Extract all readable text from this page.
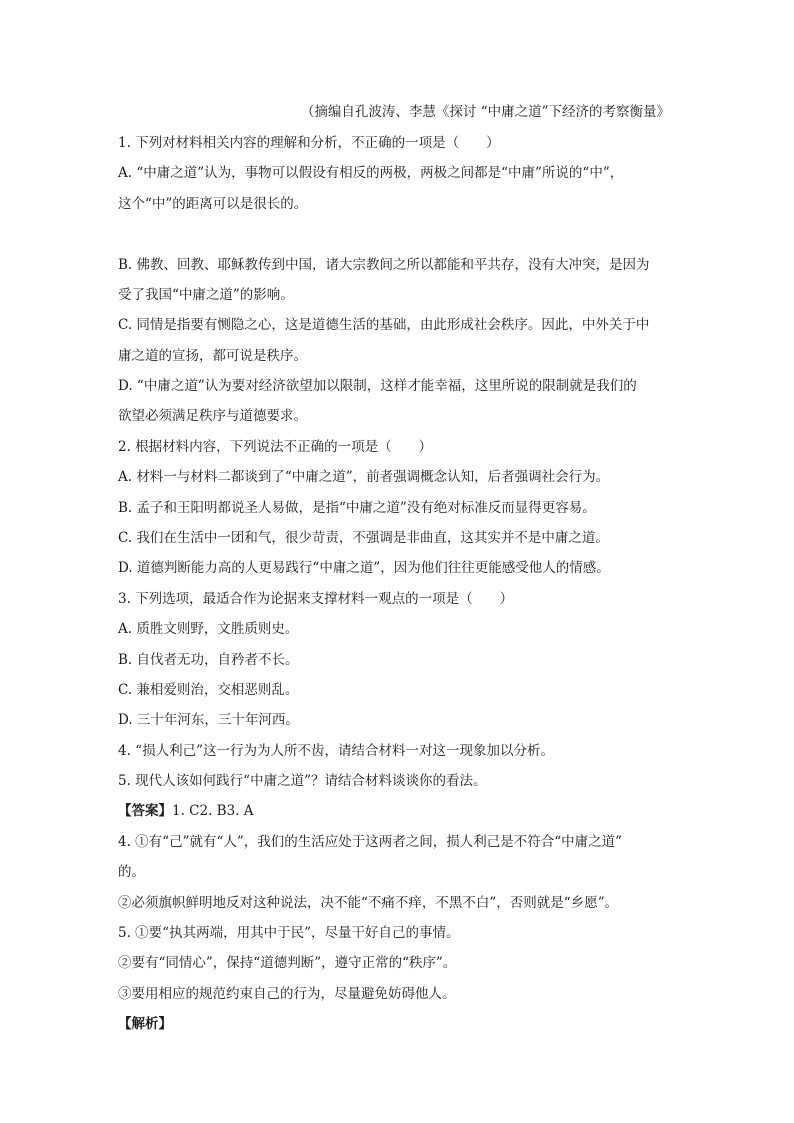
（摘编自孔波涛、李慧《探讨 “中庸之道”下经济的考察衡量》
1. 下列对材料相关内容的理解和分析，不正确的一项是（　　）
A. “中庸之道”认为，事物可以假设有相反的两极，两极之间都是“中庸”所说的“中”，
这个“中”的距离可以是很长的。
B. 佛教、回教、耶稣教传到中国，诸大宗教间之所以都能和平共存，没有大冲突，是因为
受了我国“中庸之道”的影响。
C. 同情是指要有恻隐之心，这是道德生活的基础，由此形成社会秩序。因此，中外关于中
庸之道的宣扬，都可说是秩序。
D. “中庸之道”认为要对经济欲望加以限制，这样才能幸福，这里所说的限制就是我们的
欲望必须满足秩序与道德要求。
2. 根据材料内容，下列说法不正确的一项是（　　）
A. 材料一与材料二都谈到了“中庸之道”，前者强调概念认知，后者强调社会行为。
B. 孟子和王阳明都说圣人易做，是指“中庸之道”没有绝对标准反而显得更容易。
C. 我们在生活中一团和气，很少苛责，不强调是非曲直，这其实并不是中庸之道。
D. 道德判断能力高的人更易践行“中庸之道”，因为他们往往更能感受他人的情感。
3. 下列选项，最适合作为论据来支撑材料一观点的一项是（　　）
A. 质胜文则野，文胜质则史。
B. 自伐者无功，自矜者不长。
C. 兼相爱则治，交相恶则乱。
D. 三十年河东，三十年河西。
4. “损人利己”这一行为为人所不齿，请结合材料一对这一现象加以分析。
5. 现代人该如何践行“中庸之道”？请结合材料谈谈你的看法。
【答案】1. C2. B3. A
4. ①有“己”就有“人”，我们的生活应处于这两者之间，损人利己是不符合“中庸之道”
的。
②必须旗帜鲜明地反对这种说法，决不能“不痛不痒，不黑不白”，否则就是“乡愿”。
5. ①要“执其两端，用其中于民”，尽量干好自己的事情。
②要有“同情心”，保持“道德判断”，遵守正常的“秩序”。
③要用相应的规范约束自己的行为，尽量避免妨碍他人。
【解析】
